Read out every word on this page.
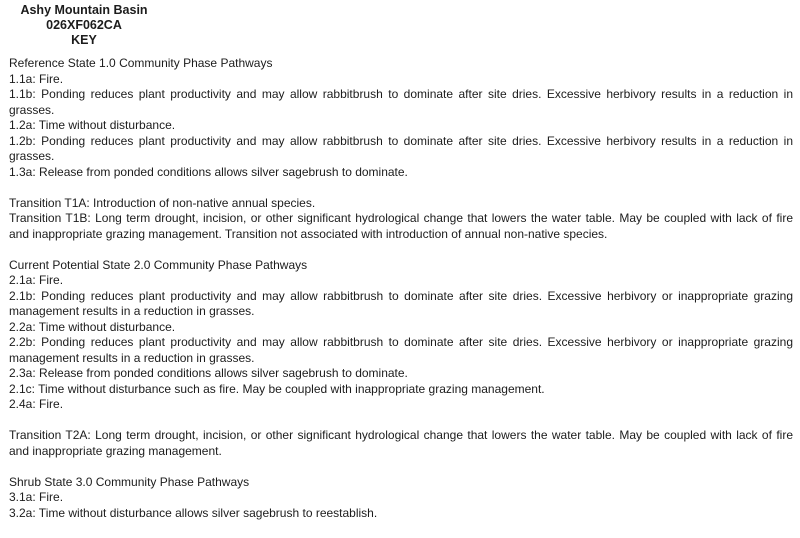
Ashy Mountain Basin
026XF062CA
KEY

Reference State 1.0 Community Phase Pathways

1.1a: Fire.

1.1b: Ponding reduces plant productivity and may allow rabbitbrush to dominate after site dries. Excessive herbivory results in a reduction in grasses.

1.2a: Time without disturbance.

1.2b: Ponding reduces plant productivity and may allow rabbitbrush to dominate after site dries. Excessive herbivory results in a reduction in grasses.

1.3a: Release from ponded conditions allows silver sagebrush to dominate.

Transition T1A: Introduction of non-native annual species.

Transition T1B: Long term drought, incision, or other significant hydrological change that lowers the water table. May be coupled with lack of fire and inappropriate grazing management. Transition not associated with introduction of annual non-native species.

Current Potential State 2.0 Community Phase Pathways

2.1a: Fire.

2.1b: Ponding reduces plant productivity and may allow rabbitbrush to dominate after site dries. Excessive herbivory or inappropriate grazing management results in a reduction in grasses.

2.2a: Time without disturbance.

2.2b: Ponding reduces plant productivity and may allow rabbitbrush to dominate after site dries. Excessive herbivory or inappropriate grazing management results in a reduction in grasses.

2.3a: Release from ponded conditions allows silver sagebrush to dominate.

2.1c: Time without disturbance such as fire. May be coupled with inappropriate grazing management.

2.4a: Fire.

Transition T2A: Long term drought, incision, or other significant hydrological change that lowers the water table. May be coupled with lack of fire and inappropriate grazing management.

Shrub State 3.0 Community Phase Pathways

3.1a: Fire.

3.2a: Time without disturbance allows silver sagebrush to reestablish.
